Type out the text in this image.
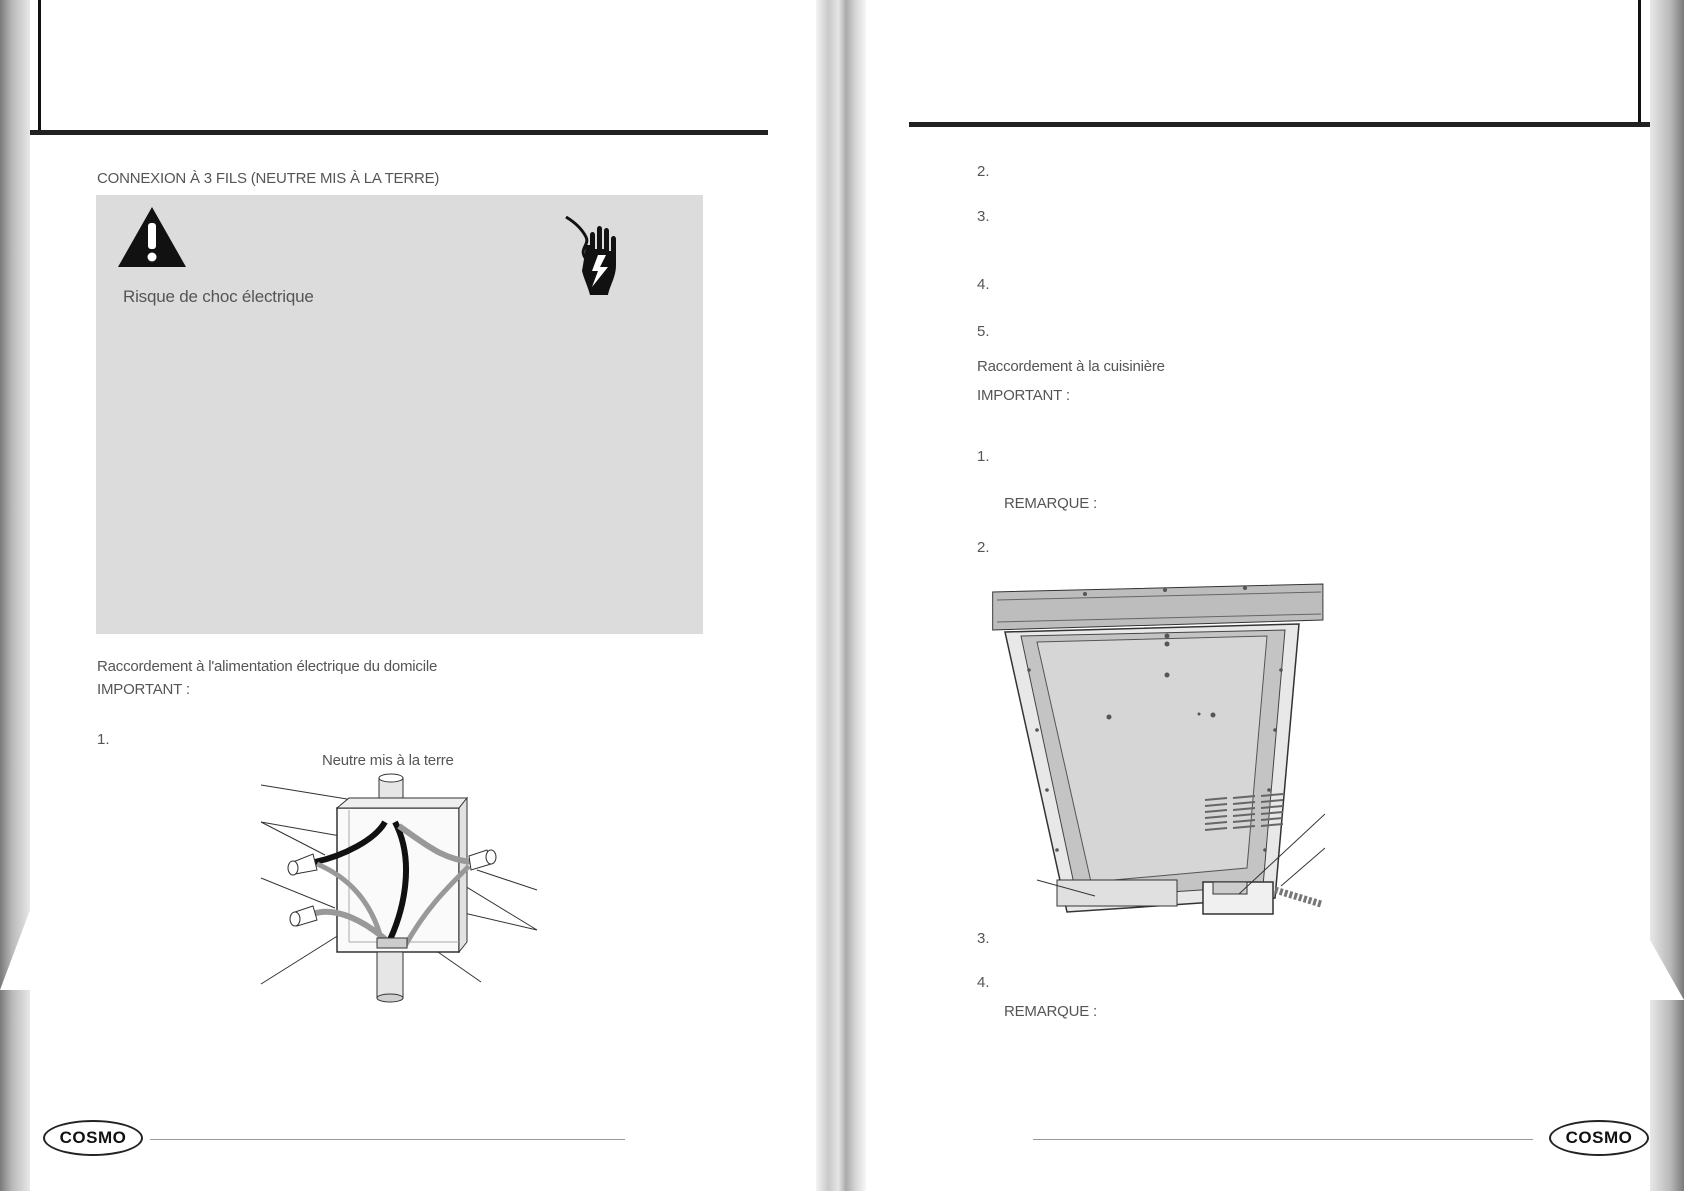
CONNEXION À 3 FILS (NEUTRE MIS À LA TERRE)
Risque de choc électrique
Raccordement à l'alimentation électrique du domicile
IMPORTANT :
1.
Neutre mis à la terre
COSMO
2.
3.
4.
5.
Raccordement à la cuisinière
IMPORTANT :
1.
REMARQUE :
2.
3.
4.
REMARQUE :
COSMO
